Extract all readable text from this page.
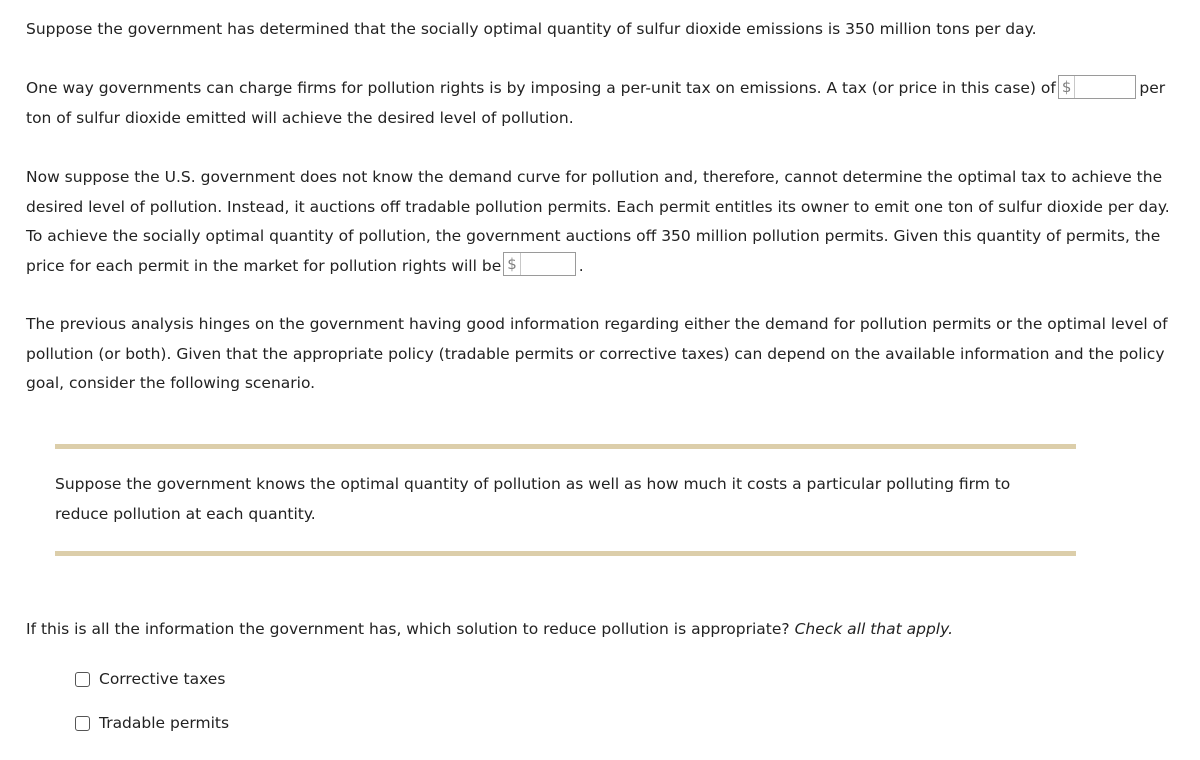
Suppose the government has determined that the socially optimal quantity of sulfur dioxide emissions is 350 million tons per day.

One way governments can charge firms for pollution rights is by imposing a per-unit tax on emissions. A tax (or price in this case) of $	per ton of sulfur dioxide emitted will achieve the desired level of pollution.

Now suppose the U.S. government does not know the demand curve for pollution and, therefore, cannot determine the optimal tax to achieve the desired level of pollution. Instead, it auctions off tradable pollution permits. Each permit entitles its owner to emit one ton of sulfur dioxide per day. To achieve the socially optimal quantity of pollution, the government auctions off 350 million pollution permits. Given this quantity of permits, the price for each permit in the market for pollution rights will be $	.

The previous analysis hinges on the government having good information regarding either the demand for pollution permits or the optimal level of pollution (or both). Given that the appropriate policy (tradable permits or corrective taxes) can depend on the available information and the policy goal, consider the following scenario.

Suppose the government knows the optimal quantity of pollution as well as how much it costs a particular polluting firm to reduce pollution at each quantity.

If this is all the information the government has, which solution to reduce pollution is appropriate? Check all that apply.

Corrective taxes
Tradable permits
